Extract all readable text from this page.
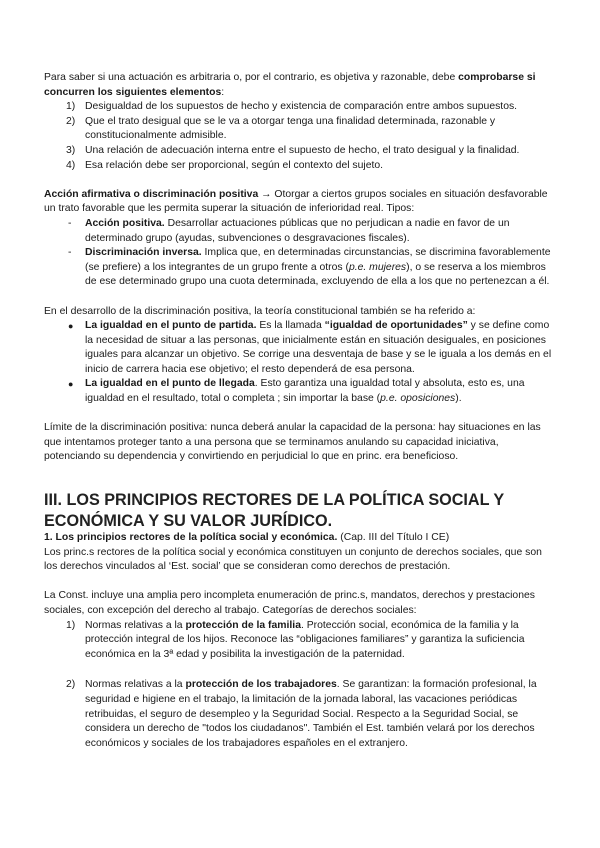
Para saber si una actuación es arbitraria o, por el contrario, es objetiva y razonable, debe comprobarse si concurren los siguientes elementos:

1) Desigualdad de los supuestos de hecho y existencia de comparación entre ambos supuestos.
2) Que el trato desigual que se le va a otorgar tenga una finalidad determinada, razonable y constitucionalmente admisible.
3) Una relación de adecuación interna entre el supuesto de hecho, el trato desigual y la finalidad.
4) Esa relación debe ser proporcional, según el contexto del sujeto.

Acción afirmativa o discriminación positiva → Otorgar a ciertos grupos sociales en situación desfavorable un trato favorable que les permita superar la situación de inferioridad real. Tipos:

- Acción positiva. Desarrollar actuaciones públicas que no perjudican a nadie en favor de un determinado grupo (ayudas, subvenciones o desgravaciones fiscales).
- Discriminación inversa. Implica que, en determinadas circunstancias, se discrimina favorablemente (se prefiere) a los integrantes de un grupo frente a otros (p.e. mujeres), o se reserva a los miembros de ese determinado grupo una cuota determinada, excluyendo de ella a los que no pertenezcan a él.

En el desarrollo de la discriminación positiva, la teoría constitucional también se ha referido a:

● La igualdad en el punto de partida. Es la llamada “igualdad de oportunidades” y se define como la necesidad de situar a las personas, que inicialmente están en situación desiguales, en posiciones iguales para alcanzar un objetivo. Se corrige una desventaja de base y se le iguala a los demás en el inicio de carrera hacia ese objetivo; el resto dependerá de esa persona.
● La igualdad en el punto de llegada. Esto garantiza una igualdad total y absoluta, esto es, una igualdad en el resultado, total o completa ; sin importar la base (p.e. oposiciones).

Límite de la discriminación positiva: nunca deberá anular la capacidad de la persona: hay situaciones en las que intentamos proteger tanto a una persona que se terminamos anulando su capacidad iniciativa, potenciando su dependencia y convirtiendo en perjudicial lo que en princ. era beneficioso.

III. LOS PRINCIPIOS RECTORES DE LA POLÍTICA SOCIAL Y ECONÓMICA Y SU VALOR JURÍDICO.

1. Los principios rectores de la política social y económica. (Cap. III del Título I CE)

Los princ.s rectores de la política social y económica constituyen un conjunto de derechos sociales, que son los derechos vinculados al ‘Est. social’ que se consideran como derechos de prestación.

La Const. incluye una amplia pero incompleta enumeración de princ.s, mandatos, derechos y prestaciones sociales, con excepción del derecho al trabajo. Categorías de derechos sociales:

1) Normas relativas a la protección de la familia. Protección social, económica de la familia y la protección integral de los hijos. Reconoce las “obligaciones familiares” y garantiza la suficiencia económica en la 3ª edad y posibilita la investigación de la paternidad.
2) Normas relativas a la protección de los trabajadores. Se garantizan: la formación profesional, la seguridad e higiene en el trabajo, la limitación de la jornada laboral, las vacaciones periódicas retribuidas, el seguro de desempleo y la Seguridad Social. Respecto a la Seguridad Social, se considera un derecho de "todos los ciudadanos". También el Est. también velará por los derechos económicos y sociales de los trabajadores españoles en el extranjero.
